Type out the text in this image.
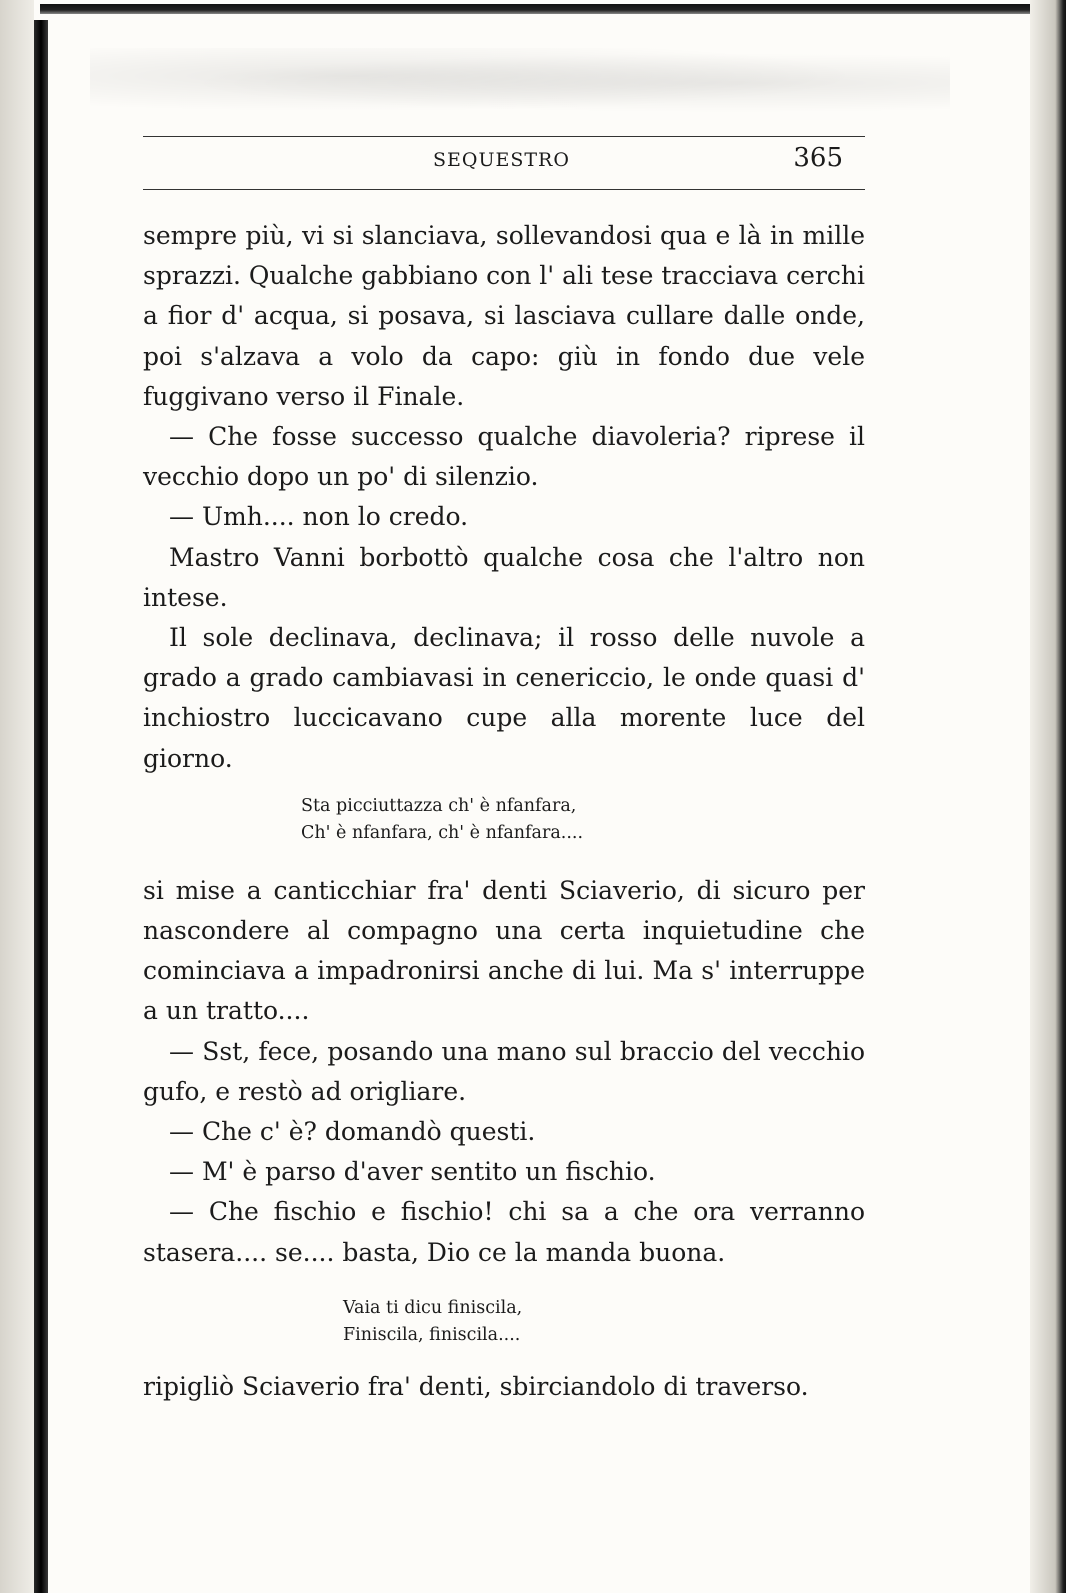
SEQUESTRO	365

sempre più, vi si slanciava, sollevandosi qua e là in mille sprazzi. Qualche gabbiano con l' ali tese tracciava cerchi a fior d' acqua, si posava, si lasciava cullare dalle onde, poi s'alzava a volo da capo: giù in fondo due vele fuggivano verso il Finale.

— Che fosse successo qualche diavoleria? riprese il vecchio dopo un po' di silenzio.

— Umh.... non lo credo.

Mastro Vanni borbottò qualche cosa che l'altro non intese.

Il sole declinava, declinava; il rosso delle nuvole a grado a grado cambiavasi in cenericcio, le onde quasi d' inchiostro luccicavano cupe alla morente luce del giorno.

Sta picciuttazza ch' è nfanfara,
Ch' è nfanfara, ch' è nfanfara....

si mise a canticchiar fra' denti Sciaverio, di sicuro per nascondere al compagno una certa inquietudine che cominciava a impadronirsi anche di lui. Ma s' interruppe a un tratto....

— Sst, fece, posando una mano sul braccio del vecchio gufo, e restò ad origliare.

— Che c' è? domandò questi.

— M' è parso d'aver sentito un fischio.

— Che fischio e fischio! chi sa a che ora verranno stasera.... se.... basta, Dio ce la manda buona.

Vaia ti dicu finiscila,
Finiscila, finiscila....

ripigliò Sciaverio fra' denti, sbirciandolo di traverso.
